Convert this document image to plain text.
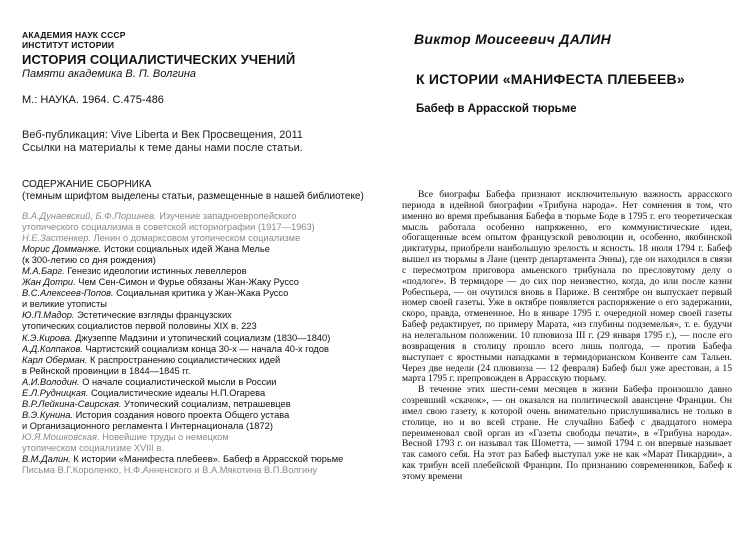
АКАДЕМИЯ НАУК СССР
ИНСТИТУТ ИСТОРИИ
ИСТОРИЯ СОЦИАЛИСТИЧЕСКИХ УЧЕНИЙ
Памяти академика В. П. Волгина
М.: НАУКА. 1964. С.475-486
Веб-публикация: Vive Liberta и Век Просвещения, 2011
Ссылки на материалы к теме даны нами после статьи.
СОДЕРЖАНИЕ СБОРНИКА
(темным шрифтом выделены статьи, размещенные в нашей библиотеке)
В.А.Дунаевский, Б.Ф.Поршнев. Изучение западноевропейского
утопического социализма в советской историографии (1917—1963)
Н.Е.Застенкер. Ленин о домарксовом утопическом социализме
Морис Домманже. Истоки социальных идей Жана Мелье
(к 300-летию со дня рождения)
М.А.Барг. Генезис идеологии истинных левеллеров
Жан Дотри. Чем Сен-Симон и Фурье обязаны Жан-Жаку Руссо
В.С.Алексеев-Попов. Социальная критика у Жан-Жака Руссо
и великие утописты
Ю.П.Мадор. Эстетические взгляды французских
утопических социалистов первой половины XIX в. 223
К.Э.Кирова. Джузеппе Мадзини и утопический социализм (1830—1840)
А.Д.Колпаков. Чартистский социализм конца 30-х — начала 40-х годов
Карл Оберман. К распространению социалистических идей
в Рейнской провинции в 1844—1845 гг.
А.И.Володин. О начале социалистической мысли в России
Е.Л.Рудницкая. Социалистические идеалы Н.П.Огарева
В.Р.Лейкина-Свирская. Утопический социализм, петрашевцев
В.Э.Кунина. История создания нового проекта Общего устава
и Организационного регламента I Интернационала (1872)
Ю.Я.Мошковская. Новейшие труды о немецком
утопическом социализме XVIII в.
В.М.Далин. К истории «Манифеста плебеев». Бабеф в Аррасской тюрьме
Письма В.Г.Короленко, Н.Ф.Анненского и В.А.Мякотина В.П.Волгину
Виктор Моисеевич ДАЛИН
К ИСТОРИИ «МАНИФЕСТА ПЛЕБЕЕВ»
Бабеф в Аррасской тюрьме

Все биографы Бабефа признают исключительную важность аррасского периода в идейной биографии «Трибуна народа». Нет сомнения в том, что именно во время пребывания Бабефа в тюрьме Боде в 1795 г. его теоретическая мысль работала особенно напряженно, его коммунистические идеи, обогащенные всем опытом французской революции и, особенно, якобинской диктатуры, приобрели наибольшую зрелость и ясность. 18 июля 1794 г. Бабеф вышел из тюрьмы в Лане (центр департамента Энны), где он находился в связи с пересмотром приговора амьенского трибунала по пресловутому делу о «подлоге». В термидоре — до сих пор неизвестно, когда, до или после казни Робеспьера, — он очутился вновь в Париже. В сентябре он выпускает первый номер своей газеты. Уже в октябре появляется распоряжение о его задержании, скоро, правда, отмененное. Но в январе 1795 г. очередной номер своей газеты Бабеф редактирует, по примеру Марата, «из глубины подземелья», т. е. будучи на нелегальном положении. 10 плювиоза III г. (29 января 1795 г.), — после его возвращения в столицу прошло всего лишь полгода, — против Бабефа выступает с яростными нападками в термидорианском Конвенте сам Тальен. Через две недели (24 плювиоза — 12 февраля) Бабеф был уже арестован, а 15 марта 1795 г. препровожден в Аррасскую тюрьму.

В течение этих шести-семи месяцев в жизни Бабефа произошло давно созревший «скачок», — он оказался на политической авансцене Франции. Он имел свою газету, к которой очень внимательно прислушивались не только в столице, но и во всей стране. Не случайно Бабеф с двадцатого номера переименовал свой орган из «Газеты свободы печати», в «Трибуна народа». Весной 1793 г. он называл так Шометта, — зимой 1794 г. он впервые называет так самого себя. На этот раз Бабеф выступал уже не как «Марат Пикардии», а как трибун всей плебейской Франции. По признанию современников, Бабеф к этому времени
